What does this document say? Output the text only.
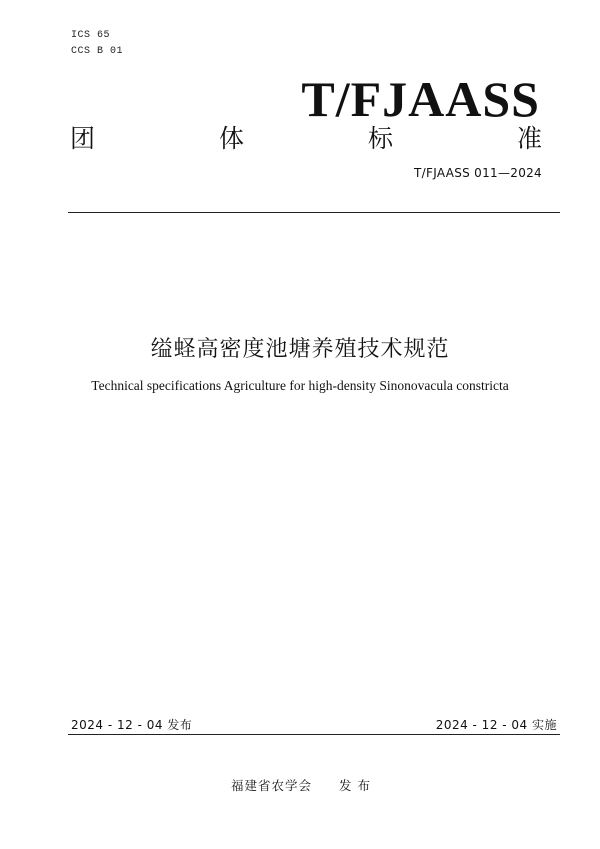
ICS 65
CCS B 01
T/FJAASS
团	体	标	准
T/FJAASS 011—2024
缢蛏高密度池塘养殖技术规范
Technical specifications Agriculture for high-density Sinonovacula constricta
2024 - 12 - 04 发布	2024 - 12 - 04 实施
福建省农学会　　发 布
